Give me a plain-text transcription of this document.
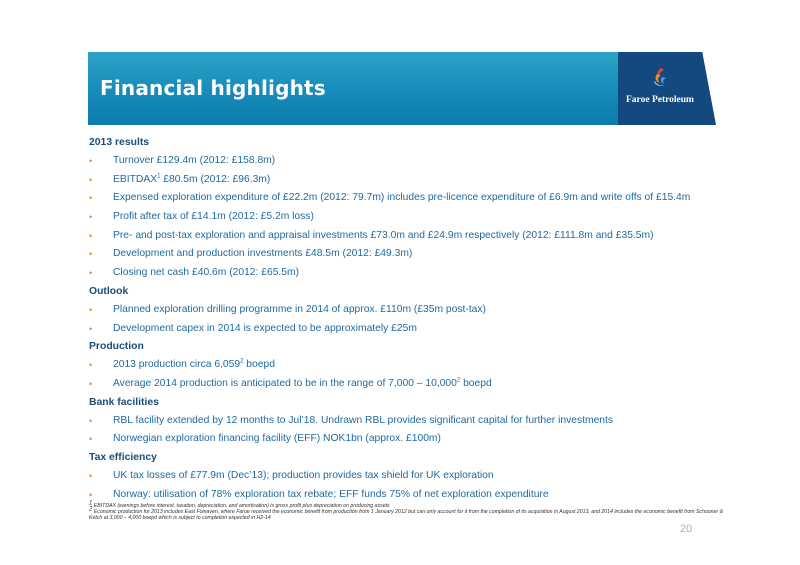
Financial highlights	Faroe Petroleum
2013 results
• Turnover £129.4m (2012: £158.8m)
• EBITDAX$^1$ £80.5m (2012: £96.3m)
• Expensed exploration expenditure of £22.2m (2012: 79.7m) includes pre-licence expenditure of £6.9m and write offs of £15.4m
• Profit after tax of £14.1m (2012: £5.2m loss)
• Pre- and post-tax exploration and appraisal investments £73.0m and £24.9m respectively (2012: £111.8m and £35.5m)
• Development and production investments £48.5m (2012: £49.3m)
• Closing net cash £40.6m (2012: £65.5m)
Outlook
• Planned exploration drilling programme in 2014 of approx. £110m (£35m post-tax)
• Development capex in 2014 is expected to be approximately £25m
Production
• 2013 production circa 6,059$^2$ boepd
• Average 2014 production is anticipated to be in the range of 7,000 – 10,000$^2$ boepd
Bank facilities
• RBL facility extended by 12 months to Jul’18. Undrawn RBL provides significant capital for further investments
• Norwegian exploration financing facility (EFF) NOK1bn (approx. £100m)
Tax efficiency
• UK tax losses of £77.9m (Dec’13); production provides tax shield for UK exploration
• Norway: utilisation of 78% exploration tax rebate; EFF funds 75% of net exploration expenditure

$^1$ EBITDAX (earnings before interest, taxation, depreciation, and amortisation) is gross profit plus depreciation on producing assets

$^2$ Economic production for 2013 includes East Foinaven, where Faroe received the economic benefit from production from 1 January 2012 but can only account for it from the completion of its acquisition in August 2013, and 2014 includes the economic benefit from Schooner & Ketch at 3,000 – 4,000 boepd which is subject to completion expected in H2-14

20
